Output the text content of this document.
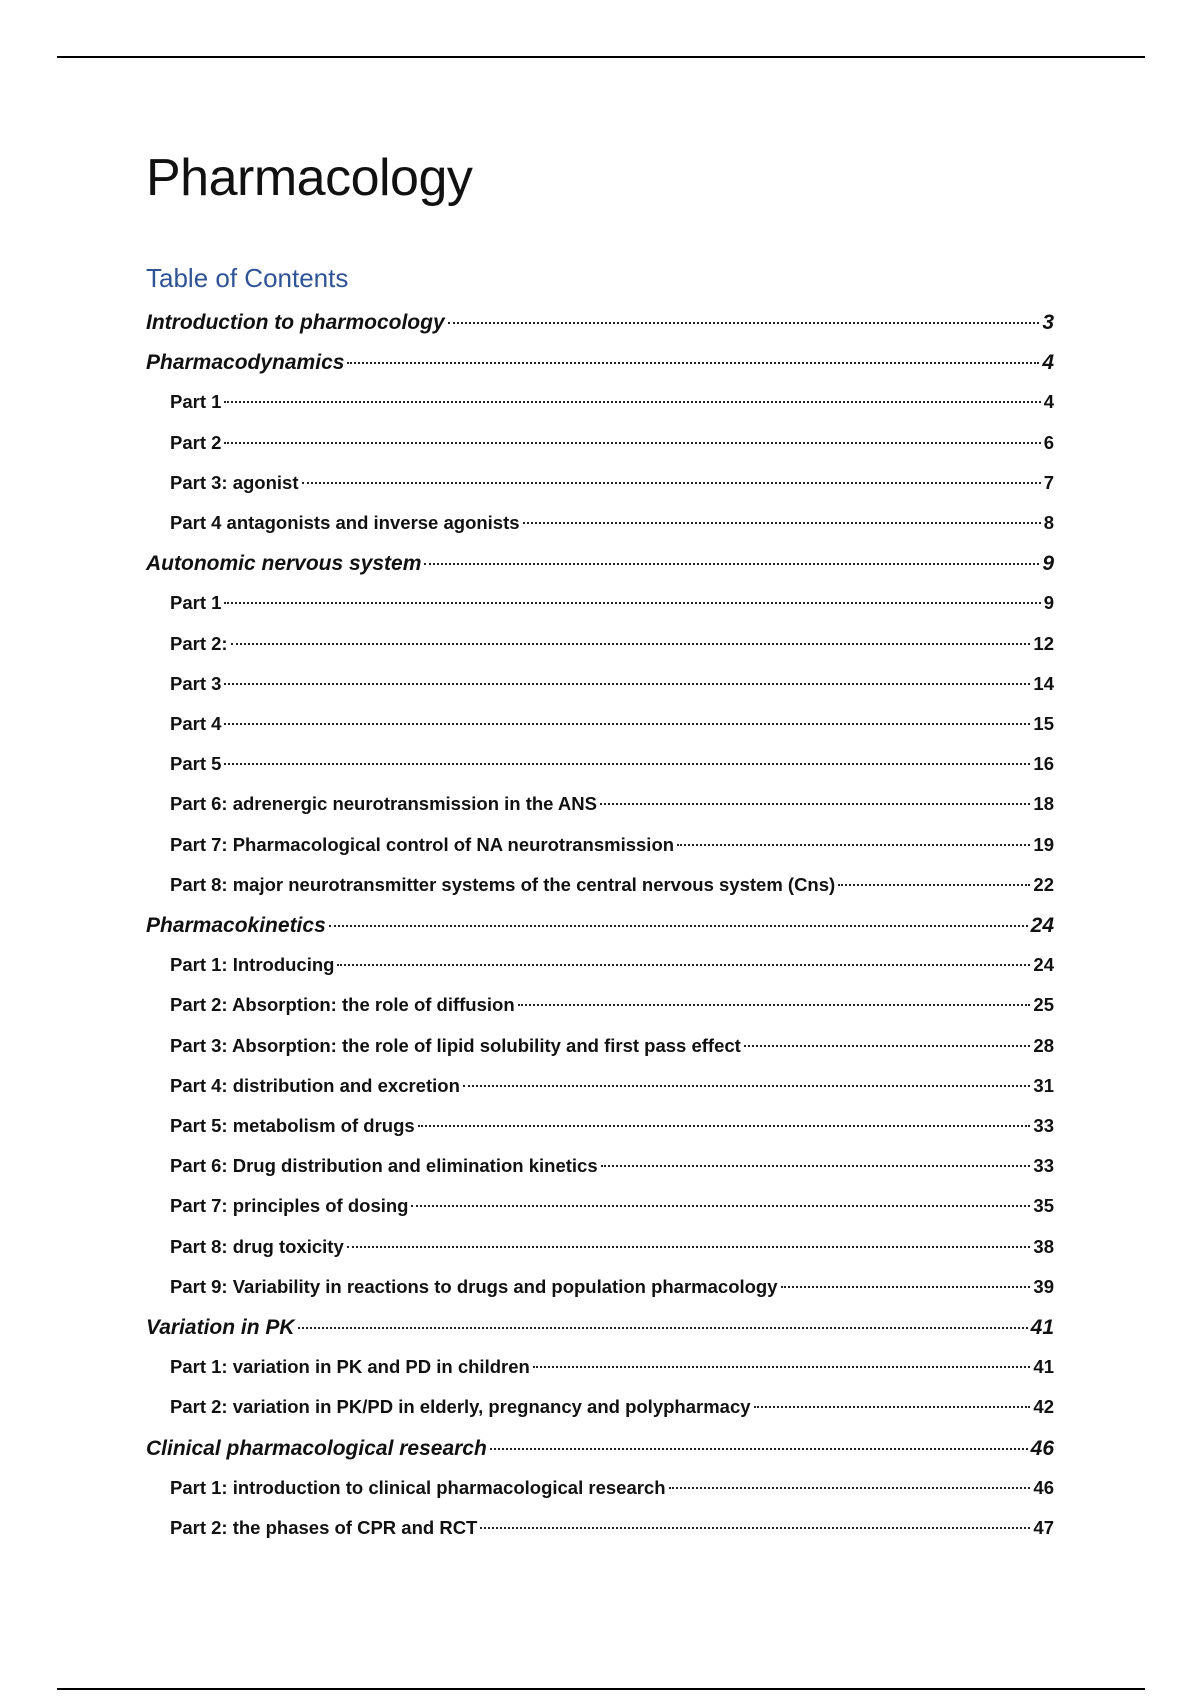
Pharmacology
Table of Contents
Introduction to pharmocology	3
Pharmacodynamics	4
Part 1	4
Part 2	6
Part 3: agonist	7
Part 4 antagonists and inverse agonists	8
Autonomic nervous system	9
Part 1	9
Part 2:	12
Part 3	14
Part 4	15
Part 5	16
Part 6: adrenergic neurotransmission in the ANS	18
Part 7: Pharmacological control of NA neurotransmission	19
Part 8: major neurotransmitter systems of the central nervous system (Cns)	22
Pharmacokinetics	24
Part 1: Introducing	24
Part 2: Absorption: the role of diffusion	25
Part 3: Absorption: the role of lipid solubility and first pass effect	28
Part 4: distribution and excretion	31
Part 5: metabolism of drugs	33
Part 6: Drug distribution and elimination kinetics	33
Part 7: principles of dosing	35
Part 8: drug toxicity	38
Part 9: Variability in reactions to drugs and population pharmacology	39
Variation in PK	41
Part 1: variation in PK and PD in children	41
Part 2: variation in PK/PD in elderly, pregnancy and polypharmacy	42
Clinical pharmacological research	46
Part 1: introduction to clinical pharmacological research	46
Part 2: the phases of CPR and RCT	47
